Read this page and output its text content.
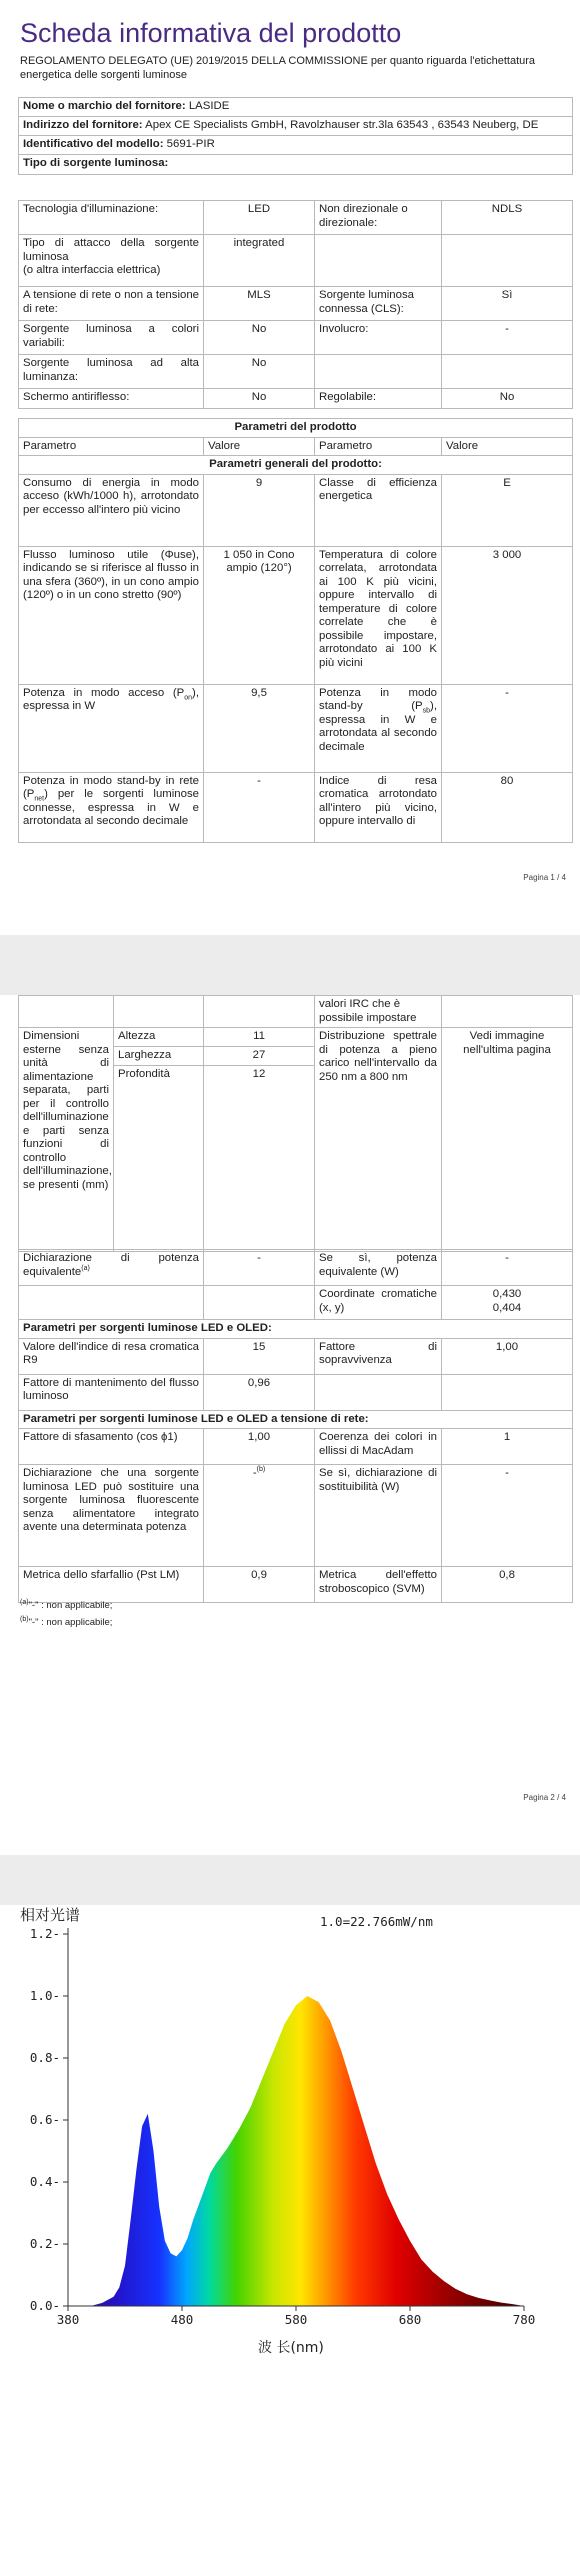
Scheda informativa del prodotto
REGOLAMENTO DELEGATO (UE) 2019/2015 DELLA COMMISSIONE per quanto riguarda l'etichettatura energetica delle sorgenti luminose
Nome o marchio del fornitore: LASIDE
Indirizzo del fornitore: Apex CE Specialists GmbH, Ravolzhauser str.3la 63543 , 63543 Neuberg, DE
Identificativo del modello: 5691-PIR
Tipo di sorgente luminosa:
Tecnologia d'illuminazione:	LED	Non direzionale o direzionale:	NDLS
Tipo di attacco della sorgente luminosa
(o altra interfaccia elettrica)	integrated		
A tensione di rete o non a tensione di rete:	MLS	Sorgente luminosa connessa (CLS):	Sì
Sorgente luminosa a colori variabili:	No	Involucro:	-
Sorgente luminosa ad alta luminanza:	No		
Schermo antiriflesso:	No	Regolabile:	No
Parametri del prodotto			
Parametro	Valore	Parametro	Valore
Parametri generali del prodotto:			
Consumo di energia in modo acceso (kWh/1000 h), arrotondato per eccesso all'intero più vicino	9	Classe di efficienza energetica	E
Flusso luminoso utile (Φuse), indicando se si riferisce al flusso in una sfera (360º), in un cono ampio (120º) o in un cono stretto (90º)	1 050 in Cono ampio (120°)	Temperatura di colore correlata, arrotondata ai 100 K più vicini, oppure intervallo di temperature di colore correlate che è possibile impostare, arrotondato ai 100 K più vicini	3 000
Potenza in modo acceso $(P_{on})$, espressa in W	9,5	Potenza in modo stand-by $(P_{sb})$, espressa in W e arrotondata al secondo decimale	-
Potenza in modo stand-by in rete $(P_{net})$ per le sorgenti luminose connesse, espressa in W e arrotondata al secondo decimale	-	Indice di resa cromatica arrotondato all'intero più vicino, oppure intervallo di	80
Pagina 1 / 4
			valori IRC che è possibile impostare	
Dimensioni esterne senza unità di alimentazione separata, parti per il controllo dell'illuminazione e parti senza funzioni di controllo dell'illuminazione, se presenti (mm)	Altezza	11	Distribuzione spettrale di potenza a pieno carico nell'intervallo da 250 nm a 800 nm	Vedi immagine nell'ultima pagina
	Larghezza	27		
	Profondità	12		
Dichiarazione di potenza equivalente$^{(a)}$	-	Se sì, potenza equivalente (W)	-
		Coordinate cromatiche (x, y)	0,430
0,404
Parametri per sorgenti luminose LED e OLED:			
Valore dell'indice di resa cromatica R9	15	Fattore di sopravvivenza	1,00
Fattore di mantenimento del flusso luminoso	0,96		
Parametri per sorgenti luminose LED e OLED a tensione di rete:			
Fattore di sfasamento (cos ϕ1)	1,00	Coerenza dei colori in ellissi di MacAdam	1
Dichiarazione che una sorgente luminosa LED può sostituire una sorgente luminosa fluorescente senza alimentatore integrato avente una determinata potenza	-$^{(b)}$	Se sì, dichiarazione di sostituibilità (W)	-
Metrica dello sfarfallio (Pst LM)	0,9	Metrica dell'effetto stroboscopico (SVM)	0,8
$^{(a)}$"-" : non applicabile;
$^{(b)}$"-" : non applicabile;
Pagina 2 / 4
相对光谱	1.0=22.766mW/nm
0.0-
0.2-
0.4-
0.6-
0.8-
1.0-
1.2-
380	480	580	680	780
波 长(nm)
